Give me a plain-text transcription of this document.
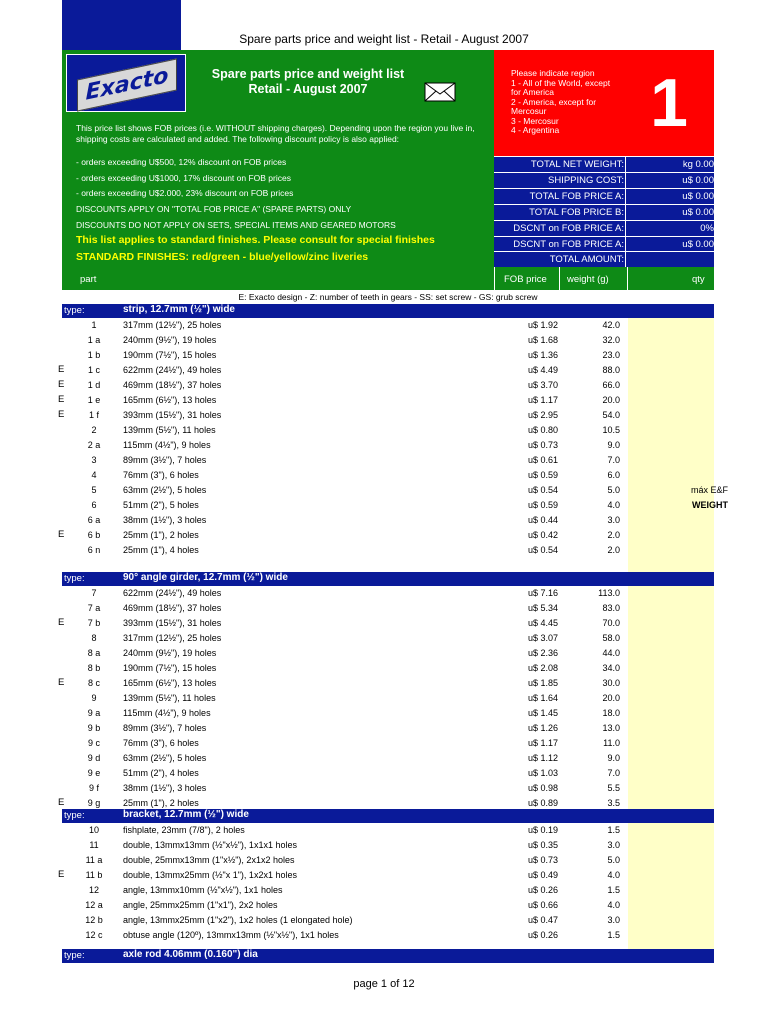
Spare parts price and weight list - Retail - August 2007
Exacto	Spare parts price and weight list
Retail - August 2007
This price list shows FOB prices (i.e. WITHOUT shipping charges). Depending upon the region you live in, shipping costs are calculated and added. The following discount policy is also applied:
- orders exceeding U$500, 12% discount on FOB prices
- orders exceeding U$1000, 17% discount on FOB prices
- orders exceeding U$2.000, 23% discount on FOB prices
DISCOUNTS APPLY ON "TOTAL FOB PRICE A" (SPARE PARTS) ONLY
DISCOUNTS DO NOT APPLY ON SETS, SPECIAL ITEMS AND GEARED MOTORS
This list applies to standard finishes. Please consult for special finishes
STANDARD FINISHES: red/green - blue/yellow/zinc liveries
Please indicate region
1 - All of the World, except for America
2 - America, except for Mercosur
3 - Mercosur
4 - Argentina	1
TOTAL NET WEIGHT:	kg 0.00
SHIPPING COST:	u$ 0.00
TOTAL FOB PRICE A:	u$ 0.00
TOTAL FOB PRICE B:	u$ 0.00
DSCNT on FOB PRICE A:	0%
DSCNT on FOB PRICE A:	u$ 0.00
TOTAL AMOUNT:
part	FOB price weight (g)	qty
E: Exacto design - Z: number of teeth in gears - SS: set screw - GS: grub screw
type:	strip, 12.7mm (½") wide
1	317mm (12½"), 25 holes	u$ 1.92	42.0
1 a	240mm (9½"), 19 holes	u$ 1.68	32.0
1 b	190mm (7½"), 15 holes	u$ 1.36	23.0
E	1 c	622mm (24½"), 49 holes	u$ 4.49	88.0
E	1 d	469mm (18½"), 37 holes	u$ 3.70	66.0
E	1 e	165mm (6½"), 13 holes	u$ 1.17	20.0
E	1 f	393mm (15½"), 31 holes	u$ 2.95	54.0
2	139mm (5½"), 11 holes	u$ 0.80	10.5
2 a	115mm (4½"), 9 holes	u$ 0.73	9.0
3	89mm (3½"), 7 holes	u$ 0.61	7.0
4	76mm (3"), 6 holes	u$ 0.59	6.0
5	63mm (2½"), 5 holes	u$ 0.54	5.0	máx E&F
6	51mm (2"), 5 holes	u$ 0.59	4.0	WEIGHT
6 a	38mm (1½"), 3 holes	u$ 0.44	3.0
E	6 b	25mm (1"), 2 holes	u$ 0.42	2.0
6 n	25mm (1"), 4 holes	u$ 0.54	2.0
type:	90° angle girder, 12.7mm (½") wide
7	622mm (24½"), 49 holes	u$ 7.16	113.0
7 a	469mm (18½"), 37 holes	u$ 5.34	83.0
E	7 b	393mm (15½"), 31 holes	u$ 4.45	70.0
8	317mm (12½"), 25 holes	u$ 3.07	58.0
8 a	240mm (9½"), 19 holes	u$ 2.36	44.0
8 b	190mm (7½"), 15 holes	u$ 2.08	34.0
E	8 c	165mm (6½"), 13 holes	u$ 1.85	30.0
9	139mm (5½"), 11 holes	u$ 1.64	20.0
9 a	115mm (4½"), 9 holes	u$ 1.45	18.0
9 b	89mm (3½"), 7 holes	u$ 1.26	13.0
9 c	76mm (3"), 6 holes	u$ 1.17	11.0
9 d	63mm (2½"), 5 holes	u$ 1.12	9.0
9 e	51mm (2"), 4 holes	u$ 1.03	7.0
9 f	38mm (1½"), 3 holes	u$ 0.98	5.5
E	9 g	25mm (1"), 2 holes	u$ 0.89	3.5
type:	bracket, 12.7mm (½") wide
10	fishplate, 23mm (7/8"), 2 holes	u$ 0.19	1.5
11	double, 13mmx13mm (½"x½"), 1x1x1 holes	u$ 0.35	3.0
11 a	double, 25mmx13mm (1"x½"), 2x1x2 holes	u$ 0.73	5.0
E	11 b	double, 13mmx25mm (½"x 1"), 1x2x1 holes	u$ 0.49	4.0
12	angle, 13mmx10mm (½"x½"), 1x1 holes	u$ 0.26	1.5
12 a	angle, 25mmx25mm (1"x1"), 2x2 holes	u$ 0.66	4.0
12 b	angle, 13mmx25mm (1"x2"), 1x2 holes (1 elongated hole)	u$ 0.47	3.0
12 c	obtuse angle (120º), 13mmx13mm (½"x½"), 1x1 holes	u$ 0.26	1.5
type:	axle rod 4.06mm (0.160") dia
page 1 of 12
